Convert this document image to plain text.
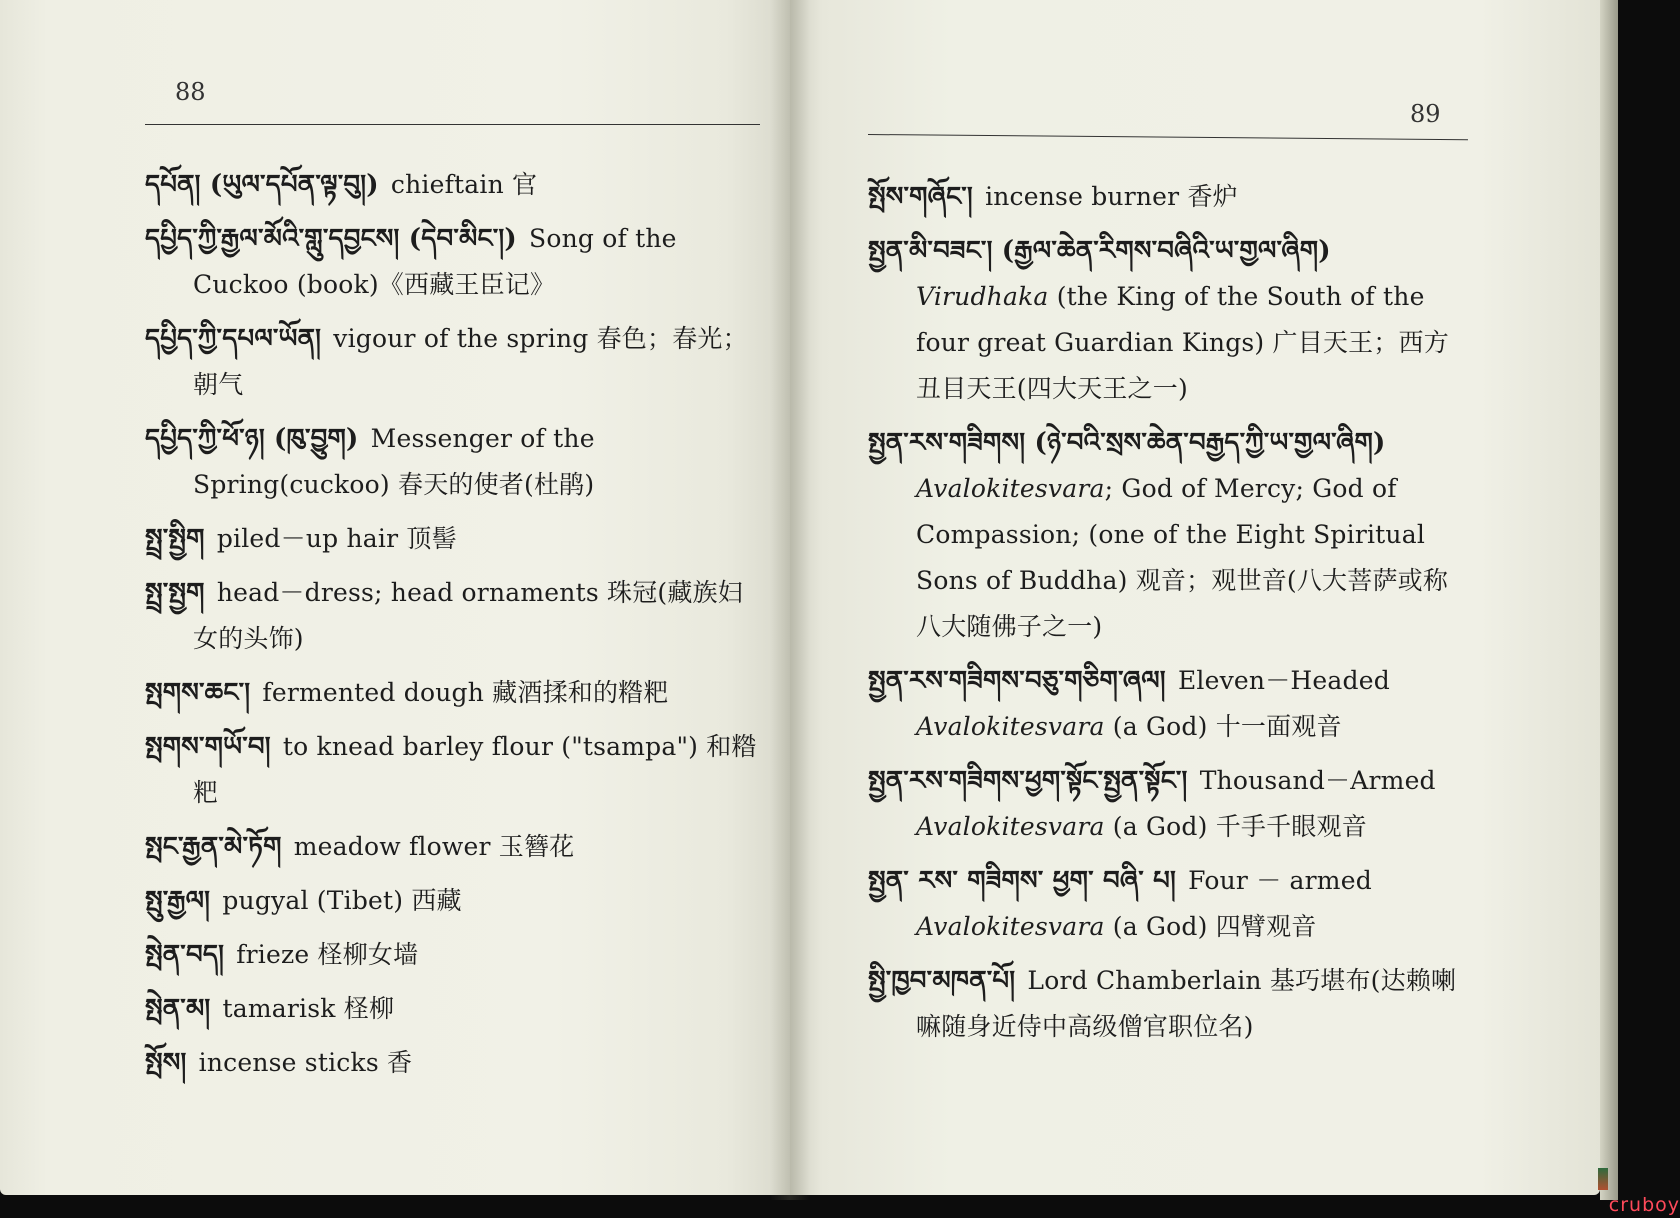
88

དཔོན། (ཡུལ་དཔོན་ལྟ་བུ།) chieftain 官

དཔྱིད་ཀྱི་རྒྱལ་མོའི་གླུ་དབྱངས། (དེབ་མིང་།) Song of the Cuckoo (book)《西藏王臣记》

དཔྱིད་ཀྱི་དཔལ་ཡོན། vigour of the spring 春色；春光；朝气

དཔྱིད་ཀྱི་ཕོ་ཉ། (ཁུ་བྱུག) Messenger of the Spring(cuckoo) 春天的使者(杜鹃)

སྤྲ་སྤྱིག piled－up hair 顶髻

སྤྲ་སྤྱག head－dress; head ornaments 珠冠(藏族妇女的头饰)

སྤགས་ཆང་། fermented dough 藏酒揉和的糌粑

སྤགས་གཡོ་བ། to knead barley flour ("tsampa") 和糌粑

སྤང་རྒྱན་མེ་ཏོག meadow flower 玉簪花

སྤུ་རྒྱལ། pugyal (Tibet) 西藏

སྤེན་བད། frieze 柽柳女墙

སྤེན་མ། tamarisk 柽柳

སྤོས། incense sticks 香

89

སྤོས་གཞོང་། incense burner 香炉

སྤྱན་མི་བཟང་། (རྒྱལ་ཆེན་རིགས་བཞིའི་ཡ་གྱལ་ཞིག) Virudhaka (the King of the South of the four great Guardian Kings) 广目天王；西方丑目天王(四大天王之一)

སྤྱན་རས་གཟིགས། (ཉེ་བའི་སྲས་ཆེན་བརྒྱད་ཀྱི་ཡ་གྱལ་ཞིག) Avalokitesvara; God of Mercy; God of Compassion; (one of the Eight Spiritual Sons of Buddha) 观音；观世音(八大菩萨或称八大随佛子之一)

སྤྱན་རས་གཟིགས་བཅུ་གཅིག་ཞལ། Eleven－Headed Avalokitesvara (a God) 十一面观音

སྤྱན་རས་གཟིགས་ཕྱག་སྟོང་སྤྱན་སྟོང་། Thousand－Armed Avalokitesvara (a God) 千手千眼观音

སྤྱན་ རས་ གཟིགས་ ཕྱག་ བཞི་ པ། Four － armed Avalokitesvara (a God) 四臂观音

སྤྱི་ཁྱབ་མཁན་པོ། Lord Chamberlain 基巧堪布(达赖喇嘛随身近侍中高级僧官职位名)

cruboy
